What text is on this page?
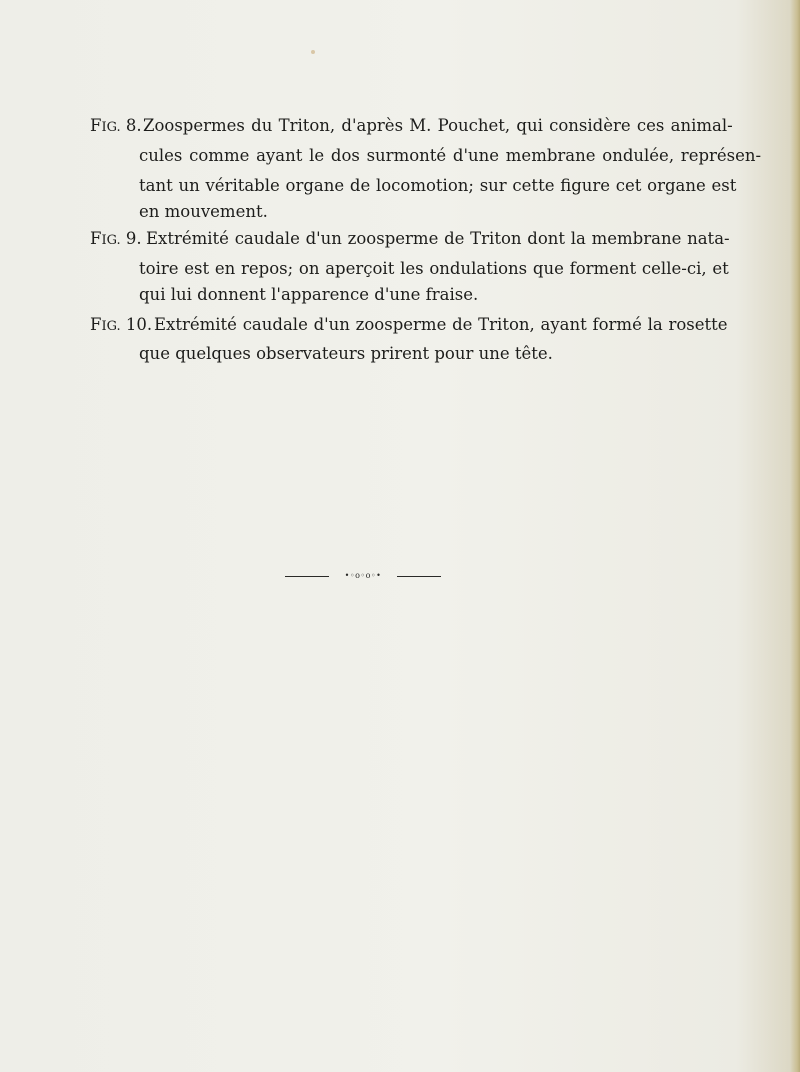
FIG. 8. Zoospermes du Triton, d'après M. Pouchet, qui considère ces animal-
cules comme ayant le dos surmonté d'une membrane ondulée, représen-
tant un véritable organe de locomotion; sur cette figure cet organe est
en mouvement.
FIG. 9. Extrémité caudale d'un zoosperme de Triton dont la membrane nata-
toire est en repos; on aperçoit les ondulations que forment celle-ci, et
qui lui donnent l'apparence d'une fraise.
FIG. 10. Extrémité caudale d'un zoosperme de Triton, ayant formé la rosette
que quelques observateurs prirent pour une tête.
•◦o◦o◦•
